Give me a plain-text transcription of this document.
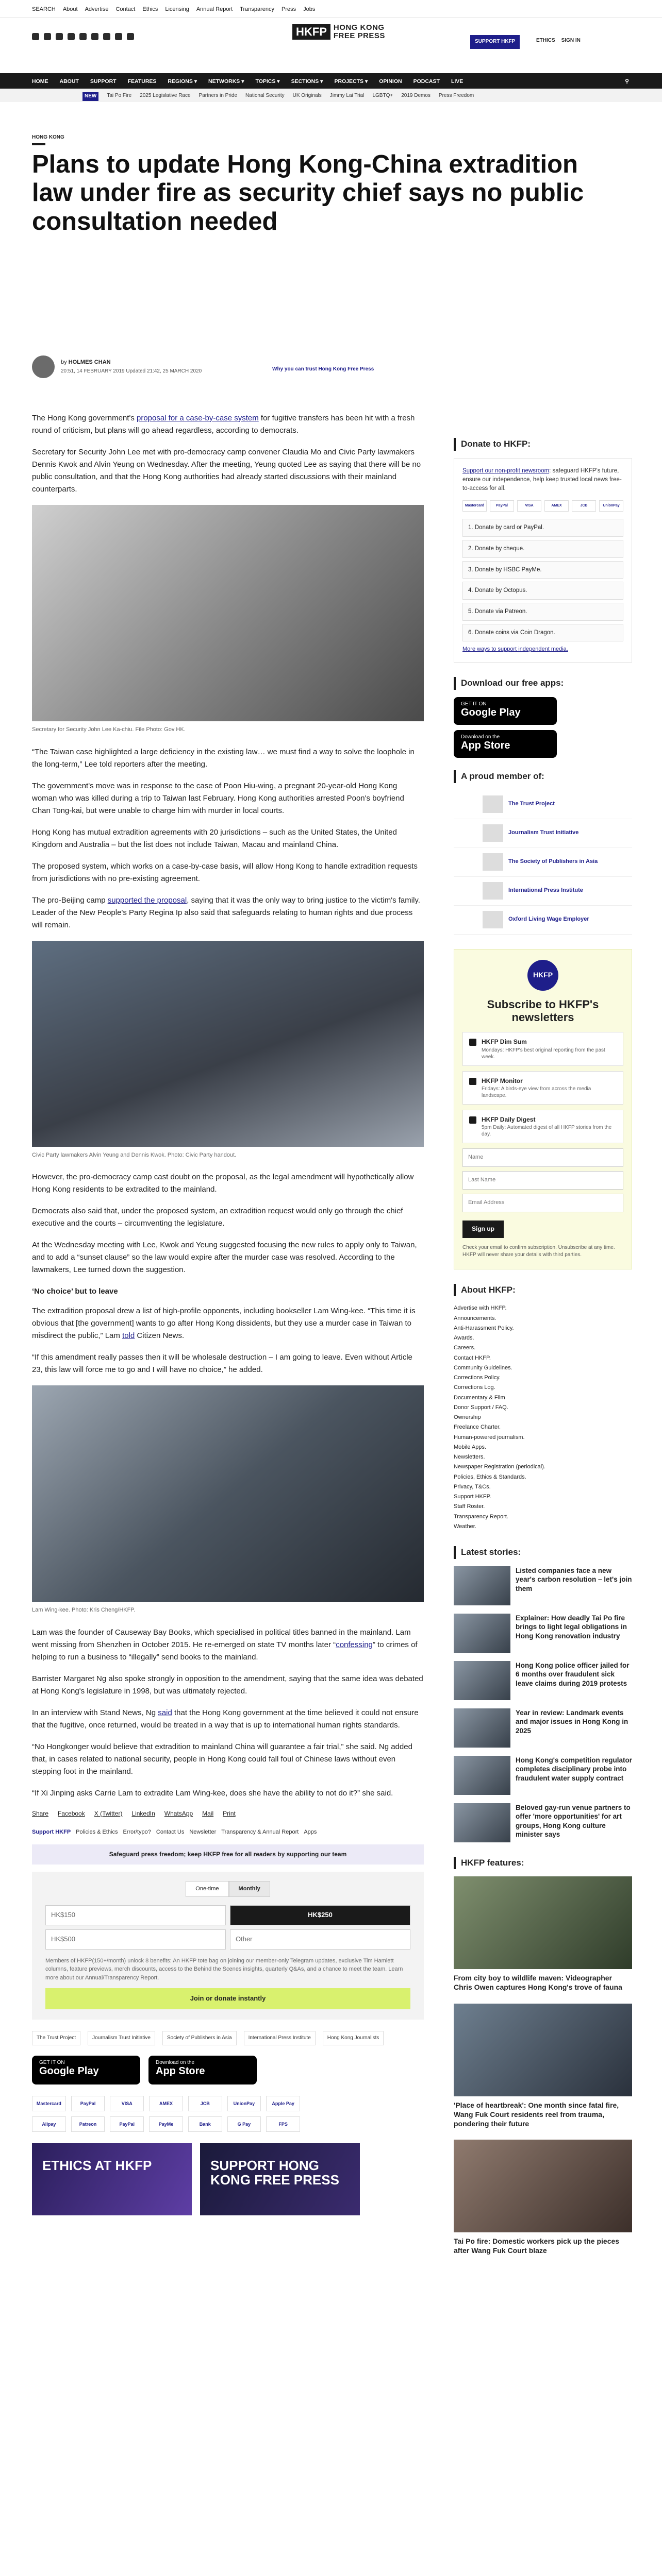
SEARCH About Advertise Contact Ethics Licensing Annual Report Transparency Press Jobs
HKFP HONG KONG
FREE PRESS
SUPPORT HKFP	ETHICS SIGN IN
HOME ABOUT SUPPORT FEATURES REGIONS ▾ NETWORKS ▾ TOPICS ▾ SECTIONS ▾ PROJECTS ▾ OPINION PODCAST LIVE	⚲
NEW	Tai Po Fire 2025 Legislative Race Partners in Pride National Security UK Originals Jimmy Lai Trial LGBTQ+ 2019 Demos Press Freedom
HONG KONG
Plans to update Hong Kong-China extradition law under fire as security chief says no public consultation needed
by HOLMES CHAN
20:51, 14 FEBRUARY 2019 Updated 21:42, 25 MARCH 2020	Why you can trust Hong Kong Free Press

The Hong Kong government's proposal for a case-by-case system for fugitive transfers has been hit with a fresh round of criticism, but plans will go ahead regardless, according to democrats.

Secretary for Security John Lee met with pro-democracy camp convener Claudia Mo and Civic Party lawmakers Dennis Kwok and Alvin Yeung on Wednesday. After the meeting, Yeung quoted Lee as saying that there will be no public consultation, and that the Hong Kong authorities had already started discussions with their mainland counterparts.

Secretary for Security John Lee Ka-chiu. File Photo: Gov HK.

“The Taiwan case highlighted a large deficiency in the existing law… we must find a way to solve the loophole in the long-term,” Lee told reporters after the meeting.

The government's move was in response to the case of Poon Hiu-wing, a pregnant 20-year-old Hong Kong woman who was killed during a trip to Taiwan last February. Hong Kong authorities arrested Poon's boyfriend Chan Tong-kai, but were unable to charge him with murder in local courts.

Hong Kong has mutual extradition agreements with 20 jurisdictions – such as the United States, the United Kingdom and Australia – but the list does not include Taiwan, Macau and mainland China.

The proposed system, which works on a case-by-case basis, will allow Hong Kong to handle extradition requests from jurisdictions with no pre-existing agreement.

The pro-Beijing camp supported the proposal, saying that it was the only way to bring justice to the victim's family. Leader of the New People's Party Regina Ip also said that safeguards relating to human rights and due process will remain.

Civic Party lawmakers Alvin Yeung and Dennis Kwok. Photo: Civic Party handout.

However, the pro-democracy camp cast doubt on the proposal, as the legal amendment will hypothetically allow Hong Kong residents to be extradited to the mainland.

Democrats also said that, under the proposed system, an extradition request would only go through the chief executive and the courts – circumventing the legislature.

At the Wednesday meeting with Lee, Kwok and Yeung suggested focusing the new rules to apply only to Taiwan, and to add a “sunset clause” so the law would expire after the murder case was resolved. According to the lawmakers, Lee turned down the suggestion.

‘No choice’ but to leave

The extradition proposal drew a list of high-profile opponents, including bookseller Lam Wing-kee. “This time it is obvious that [the government] wants to go after Hong Kong dissidents, but they use a murder case in Taiwan to misdirect the public,” Lam told Citizen News.

“If this amendment really passes then it will be wholesale destruction – I am going to leave. Even without Article 23, this law will force me to go and I will have no choice,” he added.

Lam Wing-kee. Photo: Kris Cheng/HKFP.

Lam was the founder of Causeway Bay Books, which specialised in political titles banned in the mainland. Lam went missing from Shenzhen in October 2015. He re-emerged on state TV months later “confessing” to crimes of helping to run a business to “illegally” send books to the mainland.

Barrister Margaret Ng also spoke strongly in opposition to the amendment, saying that the same idea was debated at Hong Kong's legislature in 1998, but was ultimately rejected.

In an interview with Stand News, Ng said that the Hong Kong government at the time believed it could not ensure that the fugitive, once returned, would be treated in a way that is up to international human rights standards.

“No Hongkonger would believe that extradition to mainland China will guarantee a fair trial,” she said. Ng added that, in cases related to national security, people in Hong Kong could fall foul of Chinese laws without even stepping foot in the mainland.

“If Xi Jinping asks Carrie Lam to extradite Lam Wing-kee, does she have the ability to not do it?” she said.

Share Facebook X (Twitter) LinkedIn WhatsApp Mail Print
Support HKFP Policies & Ethics Error/typo? Contact Us Newsletter Transparency & Annual Report Apps
Safeguard press freedom; keep HKFP free for all readers by supporting our team
One-time	Monthly
HK$150	HK$250
HK$500	Other
Members of HKFP(150+/month) unlock 8 benefits: An HKFP tote bag on joining our member-only Telegram updates, exclusive Tim Hamlett columns, feature previews, merch discounts, access to the Behind the Scenes insights, quarterly Q&As, and a chance to meet the team. Learn more about our Annual/Transparency Report.
Join or donate instantly
The Trust Project	Journalism Trust Initiative	Society of Publishers in Asia	International Press Institute	Hong Kong Journalists
GET IT ON
Google Play
Download on the
App Store
Mastercard	PayPal	VISA	AMEX	JCB	UnionPay	Apple Pay
Alipay	Patreon	PayPal	PayMe	Bank	G Pay	FPS
ETHICS AT HKFP	SUPPORT HONG KONG FREE PRESS
Donate to HKFP:
Support our non-profit newsroom: safeguard HKFP's future, ensure our independence, help keep trusted local news free-to-access for all.
Mastercard	PayPal	VISA	AMEX	JCB	UnionPay
1. Donate by card or PayPal.
2. Donate by cheque.
3. Donate by HSBC PayMe.
4. Donate by Octopus.
5. Donate via Patreon.
6. Donate coins via Coin Dragon.
More ways to support independent media.
Download our free apps:
GET IT ON
Google Play
Download on the
App Store
A proud member of:
The Trust Project
Journalism Trust Initiative
The Society of Publishers in Asia
International Press Institute
Oxford Living Wage Employer
HKFP
Subscribe to HKFP's newsletters
HKFP Dim Sum
Mondays: HKFP's best original reporting from the past week.
HKFP Monitor
Fridays: A birds-eye view from across the media landscape.
HKFP Daily Digest
5pm Daily: Automated digest of all HKFP stories from the day.
Name
Last Name
Email Address
Sign up
Check your email to confirm subscription. Unsubscribe at any time. HKFP will never share your details with third parties.
About HKFP:
Advertise with HKFP.
Announcements.
Anti-Harassment Policy.
Awards.
Careers.
Contact HKFP.
Community Guidelines.
Corrections Policy.
Corrections Log.
Documentary & Film
Donor Support / FAQ.
Ownership
Freelance Charter.
Human-powered journalism.
Mobile Apps.
Newsletters.
Newspaper Registration (periodical).
Policies, Ethics & Standards.
Privacy, T&Cs.
Support HKFP.
Staff Roster.
Transparency Report.
Weather.
Latest stories:
Listed companies face a new year's carbon resolution – let's join them
Explainer: How deadly Tai Po fire brings to light legal obligations in Hong Kong renovation industry
Hong Kong police officer jailed for 6 months over fraudulent sick leave claims during 2019 protests
Year in review: Landmark events and major issues in Hong Kong in 2025
Hong Kong's competition regulator completes disciplinary probe into fraudulent water supply contract
Beloved gay-run venue partners to offer 'more opportunities' for art groups, Hong Kong culture minister says
HKFP features:
From city boy to wildlife maven: Videographer Chris Owen captures Hong Kong's trove of fauna
'Place of heartbreak': One month since fatal fire, Wang Fuk Court residents reel from trauma, pondering their future
Tai Po fire: Domestic workers pick up the pieces after Wang Fuk Court blaze
